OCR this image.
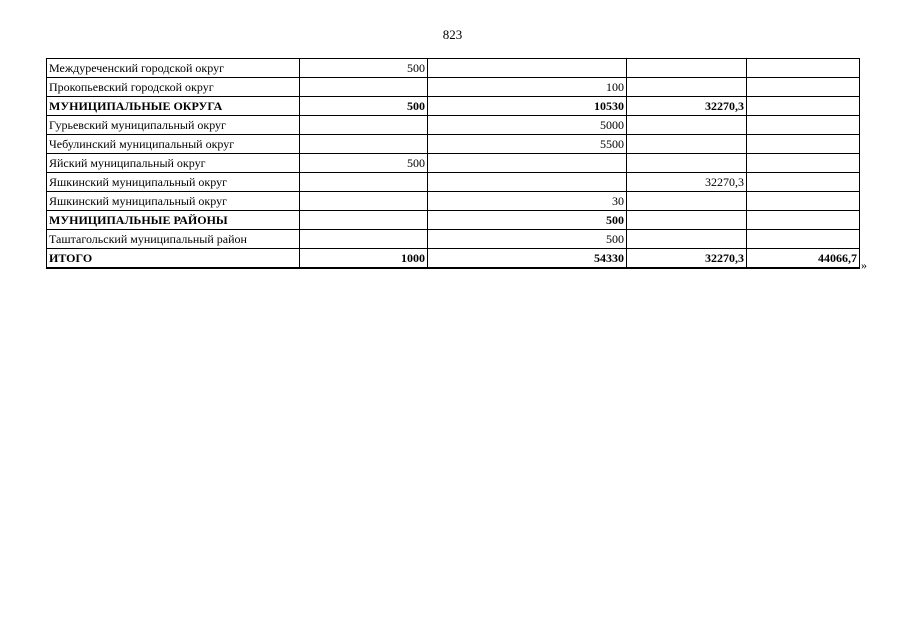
823
Междуреченский городской округ	500			
Прокопьевский городской округ		100		
МУНИЦИПАЛЬНЫЕ ОКРУГА	500	10530	32270,3	
Гурьевский муниципальный округ		5000		
Чебулинский муниципальный округ		5500		
Яйский муниципальный округ	500			
Яшкинский муниципальный округ			32270,3	
Яшкинский муниципальный округ		30		
МУНИЦИПАЛЬНЫЕ РАЙОНЫ		500		
Таштагольский муниципальный район		500		
ИТОГО	1000	54330	32270,3	44066,7
»
